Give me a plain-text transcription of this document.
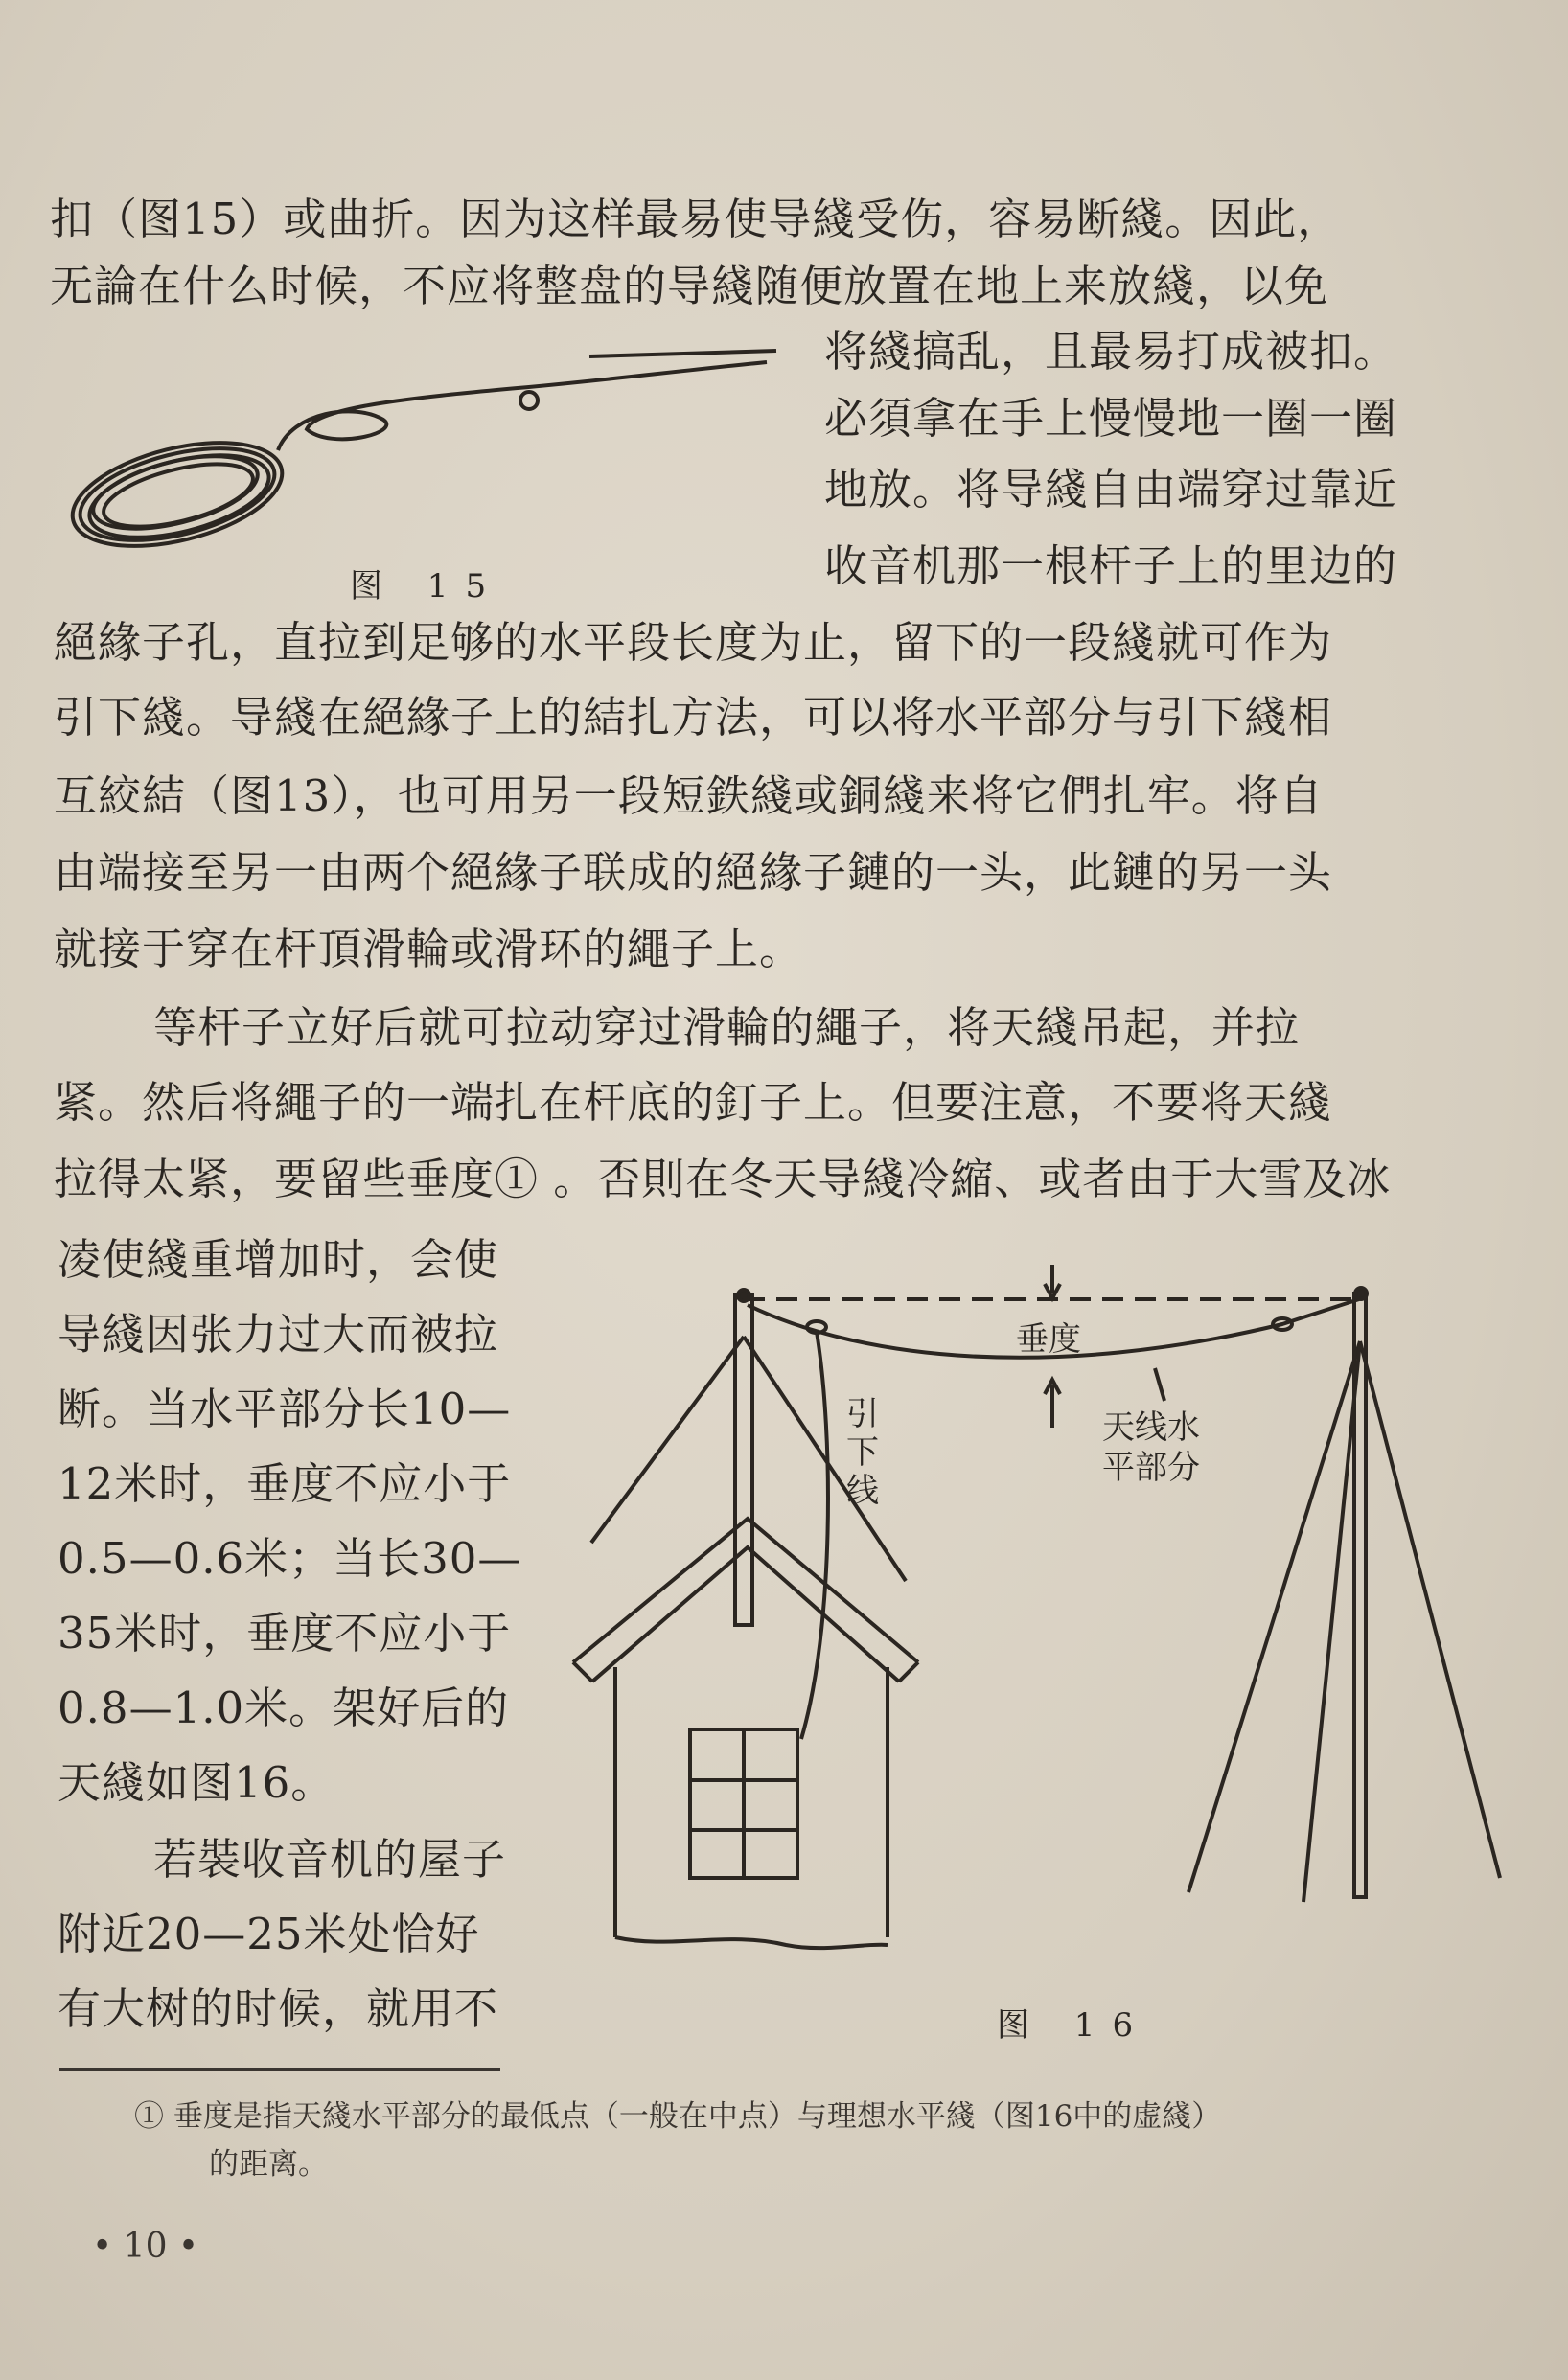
扣（图15）或曲折。因为这样最易使导綫受伤，容易断綫。因此，
无論在什么时候，不应将整盘的导綫随便放置在地上来放綫，以免
将綫搞乱，且最易打成被扣。
必須拿在手上慢慢地一圈一圈
地放。将导綫自由端穿过靠近
收音机那一根杆子上的里边的
絕緣子孔，直拉到足够的水平段长度为止，留下的一段綫就可作为
引下綫。导綫在絕緣子上的結扎方法，可以将水平部分与引下綫相
互絞結（图13），也可用另一段短鉄綫或銅綫来将它們扎牢。将自
由端接至另一由两个絕緣子联成的絕緣子鏈的一头，此鏈的另一头
就接于穿在杆頂滑輪或滑环的繩子上。
等杆子立好后就可拉动穿过滑輪的繩子，将天綫吊起，并拉
紧。然后将繩子的一端扎在杆底的釘子上。但要注意，不要将天綫
拉得太紧，要留些垂度① 。否則在冬天导綫冷縮、或者由于大雪及冰
凌使綫重增加时，会使
导綫因张力过大而被拉
断。当水平部分长10—
12米时，垂度不应小于
0.5—0.6米；当长30—
35米时，垂度不应小于
0.8—1.0米。架好后的
天綫如图16。
若裝收音机的屋子
附近20—25米处恰好
有大树的时候，就用不
图 15
垂度
引下线
天线水
平部分
图 16
① 垂度是指天綫水平部分的最低点（一般在中点）与理想水平綫（图16中的虚綫）
的距离。
• 10 •
